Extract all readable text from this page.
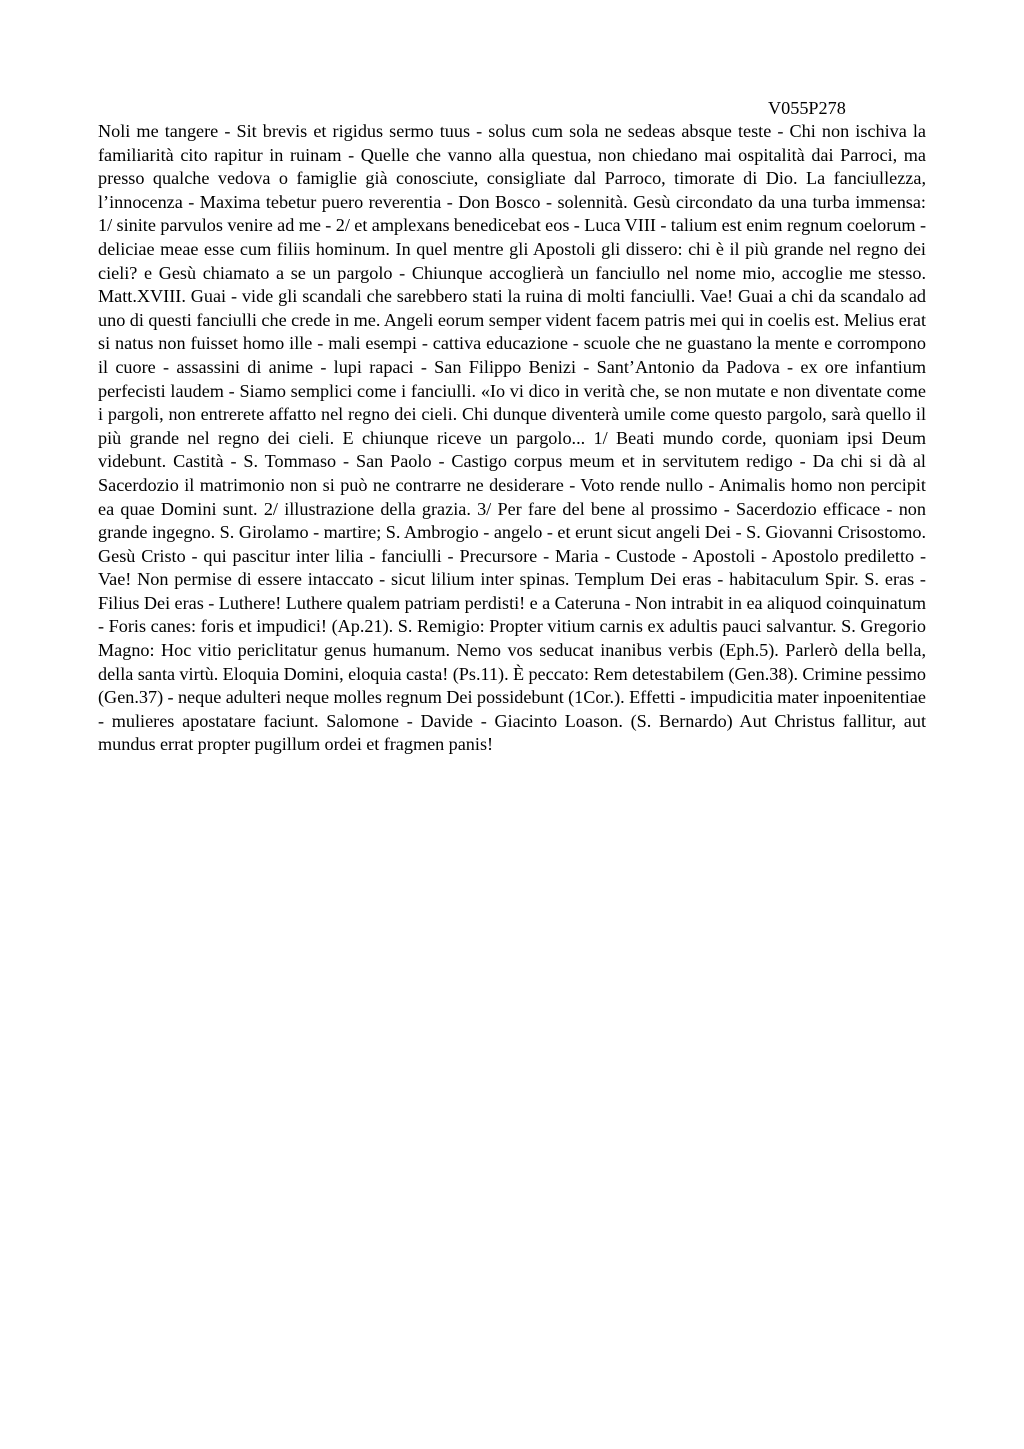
V055P278

Noli me tangere - Sit brevis et rigidus sermo tuus - solus cum sola ne sedeas absque teste - Chi non ischiva la familiarità cito rapitur in ruinam - Quelle che vanno alla questua, non chiedano mai ospitalità dai Parroci, ma presso qualche vedova o famiglie già conosciute, consigliate dal Parroco, timorate di Dio. La fanciullezza, l’innocenza - Maxima tebetur puero reverentia - Don Bosco - solennità. Gesù circondato da una turba immensa: 1/ sinite parvulos venire ad me - 2/ et amplexans benedicebat eos - Luca VIII - talium est enim regnum coelorum - deliciae meae esse cum filiis hominum. In quel mentre gli Apostoli gli dissero: chi è il più grande nel regno dei cieli? e Gesù chiamato a se un pargolo - Chiunque accoglierà un fanciullo nel nome mio, accoglie me stesso. Matt.XVIII. Guai - vide gli scandali che sarebbero stati la ruina di molti fanciulli. Vae! Guai a chi da scandalo ad uno di questi fanciulli che crede in me. Angeli eorum semper vident facem patris mei qui in coelis est. Melius erat si natus non fuisset homo ille - mali esempi - cattiva educazione - scuole che ne guastano la mente e corrompono il cuore - assassini di anime - lupi rapaci - San Filippo Benizi - Sant’Antonio da Padova - ex ore infantium perfecisti laudem - Siamo semplici come i fanciulli. «Io vi dico in verità che, se non mutate e non diventate come i pargoli, non entrerete affatto nel regno dei cieli. Chi dunque diventerà umile come questo pargolo, sarà quello il più grande nel regno dei cieli. E chiunque riceve un pargolo... 1/ Beati mundo corde, quoniam ipsi Deum videbunt. Castità - S. Tommaso - San Paolo - Castigo corpus meum et in servitutem redigo - Da chi si dà al Sacerdozio il matrimonio non si può ne contrarre ne desiderare - Voto rende nullo - Animalis homo non percipit ea quae Domini sunt. 2/ illustrazione della grazia. 3/ Per fare del bene al prossimo - Sacerdozio efficace - non grande ingegno. S. Girolamo - martire; S. Ambrogio - angelo - et erunt sicut angeli Dei - S. Giovanni Crisostomo. Gesù Cristo - qui pascitur inter lilia - fanciulli - Precursore - Maria - Custode - Apostoli - Apostolo prediletto - Vae! Non permise di essere intaccato - sicut lilium inter spinas. Templum Dei eras - habitaculum Spir. S. eras - Filius Dei eras - Luthere! Luthere qualem patriam perdisti! e a Cateruna - Non intrabit in ea aliquod coinquinatum - Foris canes: foris et impudici! (Ap.21). S. Remigio: Propter vitium carnis ex adultis pauci salvantur. S. Gregorio Magno: Hoc vitio periclitatur genus humanum. Nemo vos seducat inanibus verbis (Eph.5). Parlerò della bella, della santa virtù. Eloquia Domini, eloquia casta! (Ps.11). È peccato: Rem detestabilem (Gen.38). Crimine pessimo (Gen.37) - neque adulteri neque molles regnum Dei possidebunt (1Cor.). Effetti - impudicitia mater inpoenitentiae - mulieres apostatare faciunt. Salomone - Davide - Giacinto Loason. (S. Bernardo) Aut Christus fallitur, aut mundus errat propter pugillum ordei et fragmen panis!
